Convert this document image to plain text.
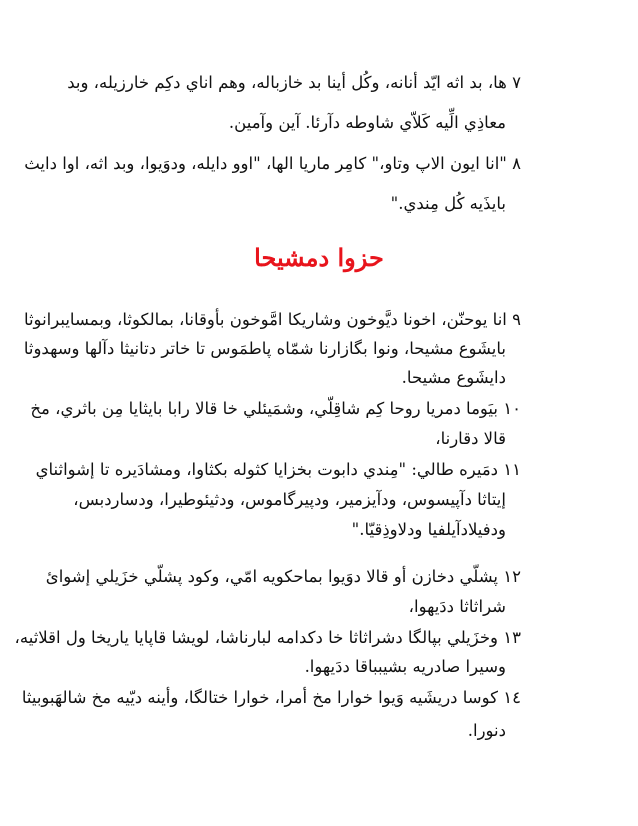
٧ ها، بد اثه ايّد أنانه، وكُل أينا بد خازباله، وهم اناي دكِم خارزيله، وبد
معاذِي الِّيه كَلاّي شاوطه دآرئا. آين وآمين.
٨ "انا ايون الاپ وتاو،" كامِر ماريا الها، "اوو دايله، ودوَيوا، وبد اثه، اوا دايث
بايذَيه كُل مِندي."
حزوا دمشيحا
٩ انا يوحنّن، اخونا ديَّوخون وشاريكا امَّوخون بأوقانا، بمالكوثا، وبمسايبرانوثا
بايشَوع مشيحا، ونوا بگازارنا شمّاه پاطمَوس تا خاتر دتانيثا دآلها وسهدوثا
دايشَوع مشيحا.
١٠ بيَوما دمريا روحا كِم شاقِلّي، وشمَيئلي خا قالا رابا بايثايا مِن باثري، مخ
قالا دقارنا،
١١ دمَيره طالي: "مِندي دابوت بخزايا كثوله بكثاوا، ومشادَيره تا إشواثناي
إيتاثا دآپيسوس، ودآيزمير، ودپيرگاموس، ودثيئوطيرا، ودساردبس،
ودفيلادآيلفيا ودلاوذِقيّا."
١٢ پشلّي دخازن أو قالا دوَيوا بماحكويه امّي، وكود پشلّي خزَيلي إشوائ
شراثاثا ددَيهوا،
١٣ وخزَيلي بپالگا دشراثاثا خا دكدامه لبارناشا، لويشا قاپايا ياريخا ول اقلاثيه،
وسيرا صادريه بشيبباقا ددَيهوا.
١٤ كوسا دريشَيه وَيوا خوارا مخ أمرا، خوارا ختالگا، وأينه ديّيه مخ شالهَبوبيثا
دنورا.
